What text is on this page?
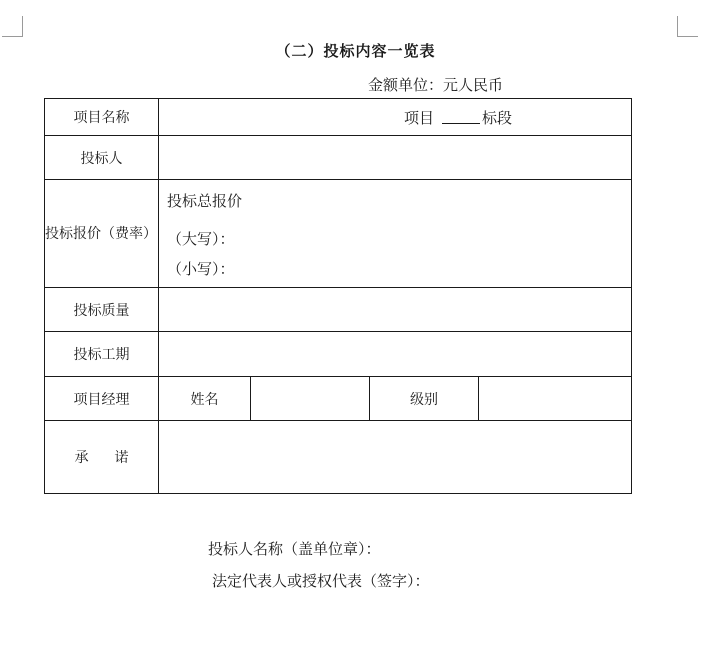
（二）投标内容一览表
金额单位：元人民币
项目名称	项目 标段			
投标人				
投标报价（费率）	投标总报价
（大写）：
（小写）：			

投标质量				
投标工期				
项目经理	姓名		级别	
承 诺				
投标人名称（盖单位章）：
法定代表人或授权代表（签字）：
